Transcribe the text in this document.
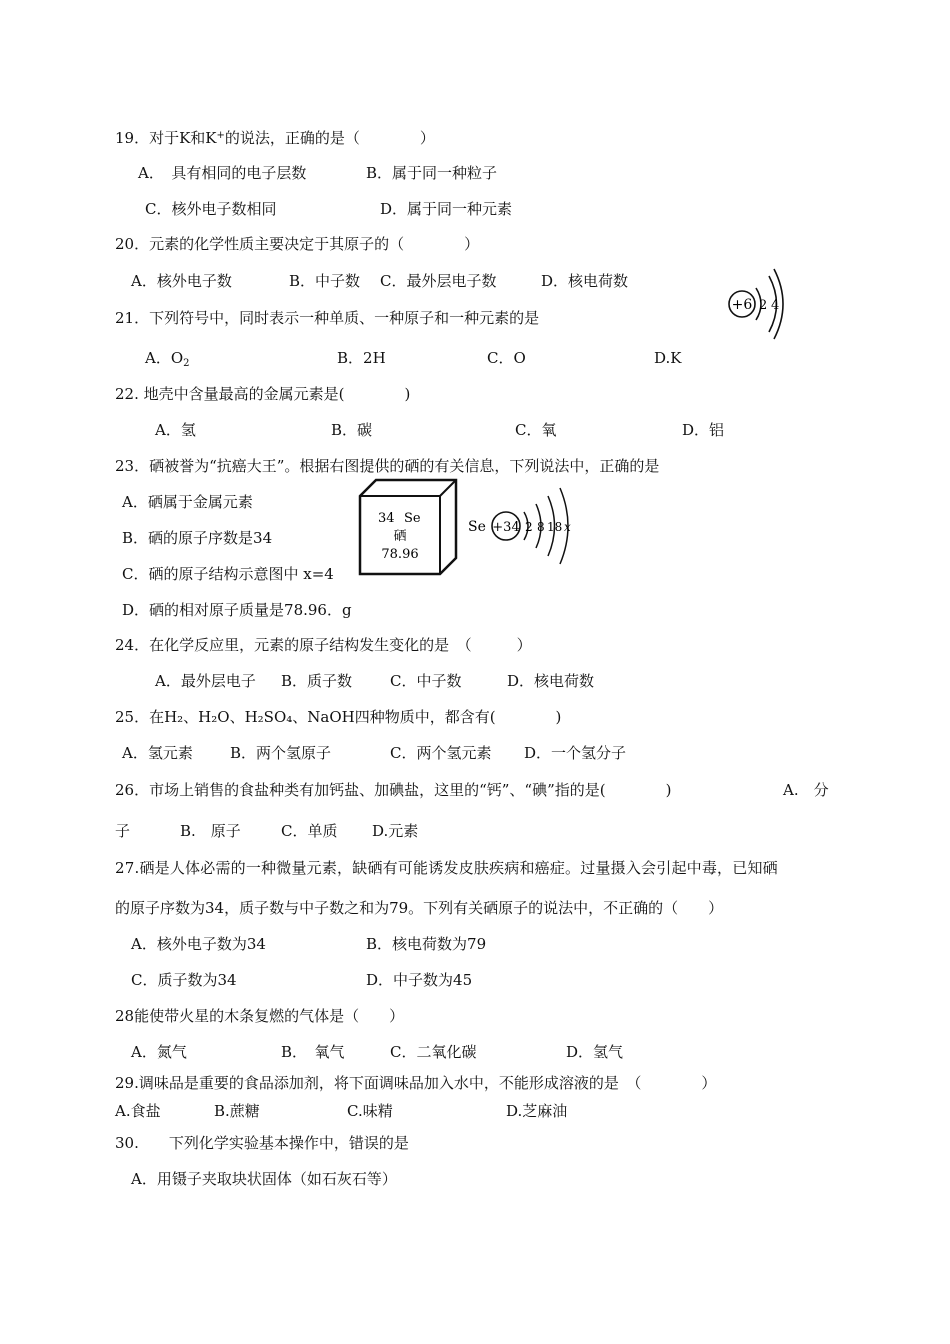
19．对于K和K+的说法，正确的是（　　　　）
A．　具有相同的电子层数	B．属于同一种粒子
C．核外电子数相同	D．属于同一种元素
20．元素的化学性质主要决定于其原子的（　　　　）
A．核外电子数	B．中子数 C．最外层电子数	D．核电荷数
21．下列符号中，同时表示一种单质、一种原子和一种元素的是
+6 2 4
A．$O_2$	B．2H	C．O	D.K
22. 地壳中含量最高的金属元素是(　　　　)
A．氢	B．碳	C．氧	D．铝
23．硒被誉为“抗癌大王”。根据右图提供的硒的有关信息，下列说法中，正确的是
A．硒属于金属元素
B．硒的原子序数是34
C．硒的原子结构示意图中 x=4
D．硒的相对原子质量是78.96．g
34 Se
硒
78.96
Se +34 2 8 18 x
24．在化学反应里，元素的原子结构发生变化的是　（　　　）
A．最外层电子 B．质子数	C．中子数	D．核电荷数
25．在H₂、H₂O、H₂SO₄、NaOH四种物质中，都含有(　　　　)
A．氢元素 B．两个氢原子	C．两个氢元素 D．一个氢分子
26．市场上销售的食盐种类有加钙盐、加碘盐，这里的“钙”、“碘”指的是(　　　　)	A.　分
子	B.　原子	C．单质 D.元素
27.硒是人体必需的一种微量元素，缺硒有可能诱发皮肤疾病和癌症。过量摄入会引起中毒，已知硒
的原子序数为34，质子数与中子数之和为79。下列有关硒原子的说法中，不正确的（　　）
A．核外电子数为34	B．核电荷数为79
C．质子数为34	D．中子数为45
28能使带火星的木条复燃的气体是（　　）
A．氮气	B．　氧气	C．二氧化碳	D．氢气
29.调味品是重要的食品添加剂，将下面调味品加入水中，不能形成溶液的是　（　　　　）
A.食盐	B.蔗糖	C.味精	D.芝麻油
30.　　下列化学实验基本操作中，错误的是
A．用镊子夹取块状固体（如石灰石等）
